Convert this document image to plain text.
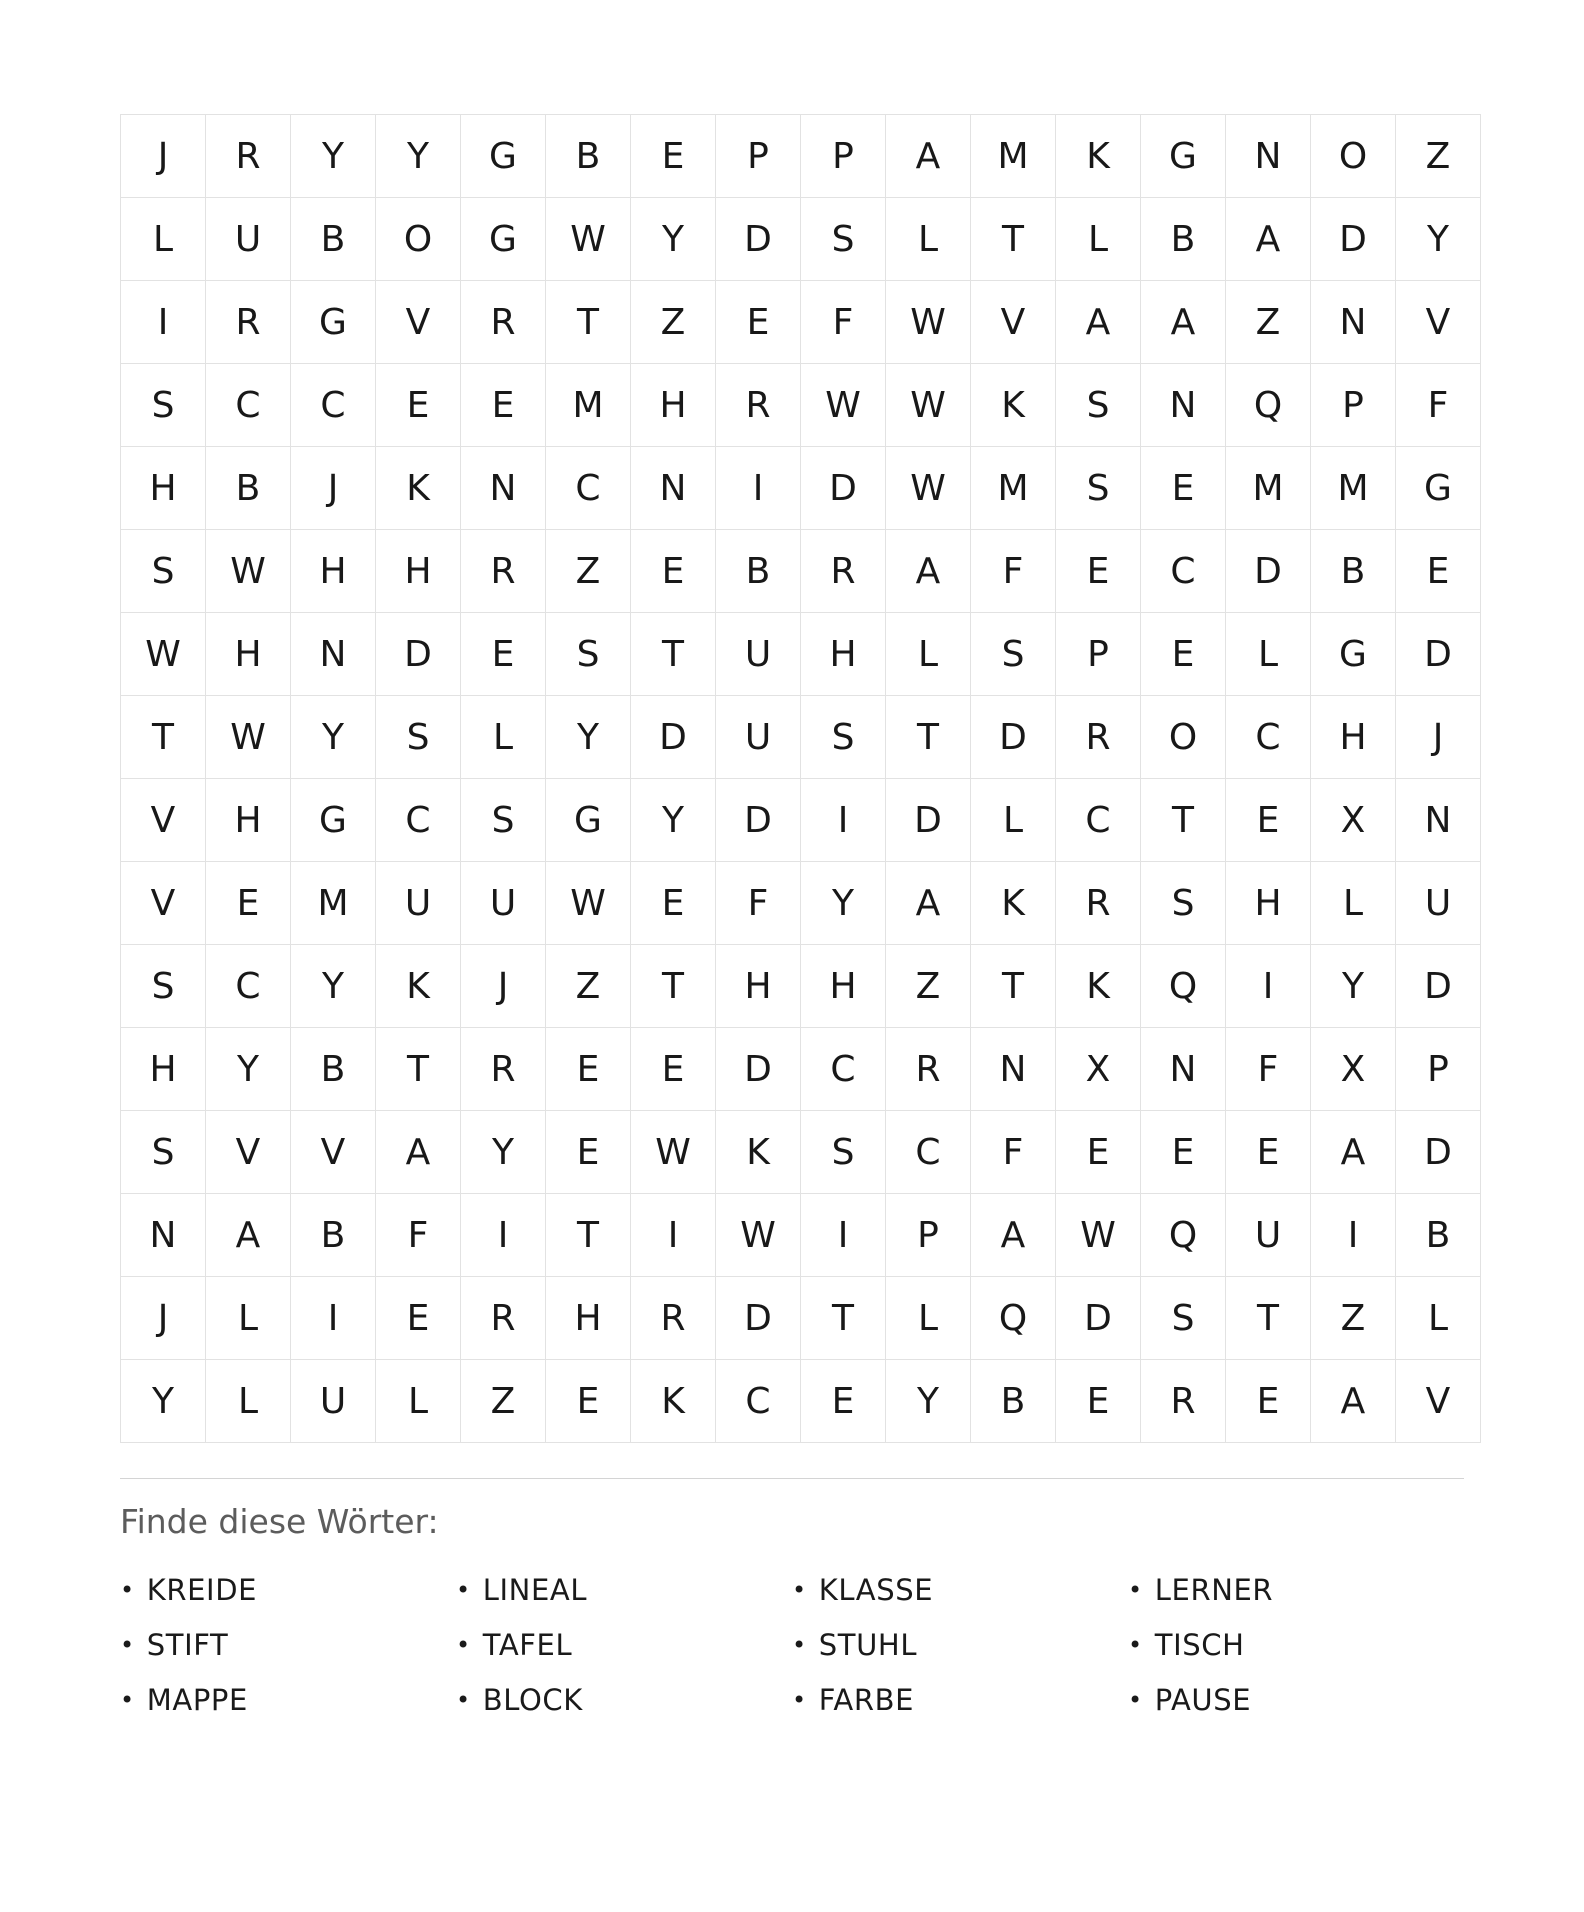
J	R	Y	Y	G	B	E	P	P	A	M	K	G	N	O	Z
L	U	B	O	G	W	Y	D	S	L	T	L	B	A	D	Y
I	R	G	V	R	T	Z	E	F	W	V	A	A	Z	N	V
S	C	C	E	E	M	H	R	W	W	K	S	N	Q	P	F
H	B	J	K	N	C	N	I	D	W	M	S	E	M	M	G
S	W	H	H	R	Z	E	B	R	A	F	E	C	D	B	E
W	H	N	D	E	S	T	U	H	L	S	P	E	L	G	D
T	W	Y	S	L	Y	D	U	S	T	D	R	O	C	H	J
V	H	G	C	S	G	Y	D	I	D	L	C	T	E	X	N
V	E	M	U	U	W	E	F	Y	A	K	R	S	H	L	U
S	C	Y	K	J	Z	T	H	H	Z	T	K	Q	I	Y	D
H	Y	B	T	R	E	E	D	C	R	N	X	N	F	X	P
S	V	V	A	Y	E	W	K	S	C	F	E	E	E	A	D
N	A	B	F	I	T	I	W	I	P	A	W	Q	U	I	B
J	L	I	E	R	H	R	D	T	L	Q	D	S	T	Z	L
Y	L	U	L	Z	E	K	C	E	Y	B	E	R	E	A	V
Finde diese Wörter:
• KREIDE	• LINEAL	• KLASSE	• LERNER
• STIFT	• TAFEL	• STUHL	• TISCH
• MAPPE	• BLOCK	• FARBE	• PAUSE
